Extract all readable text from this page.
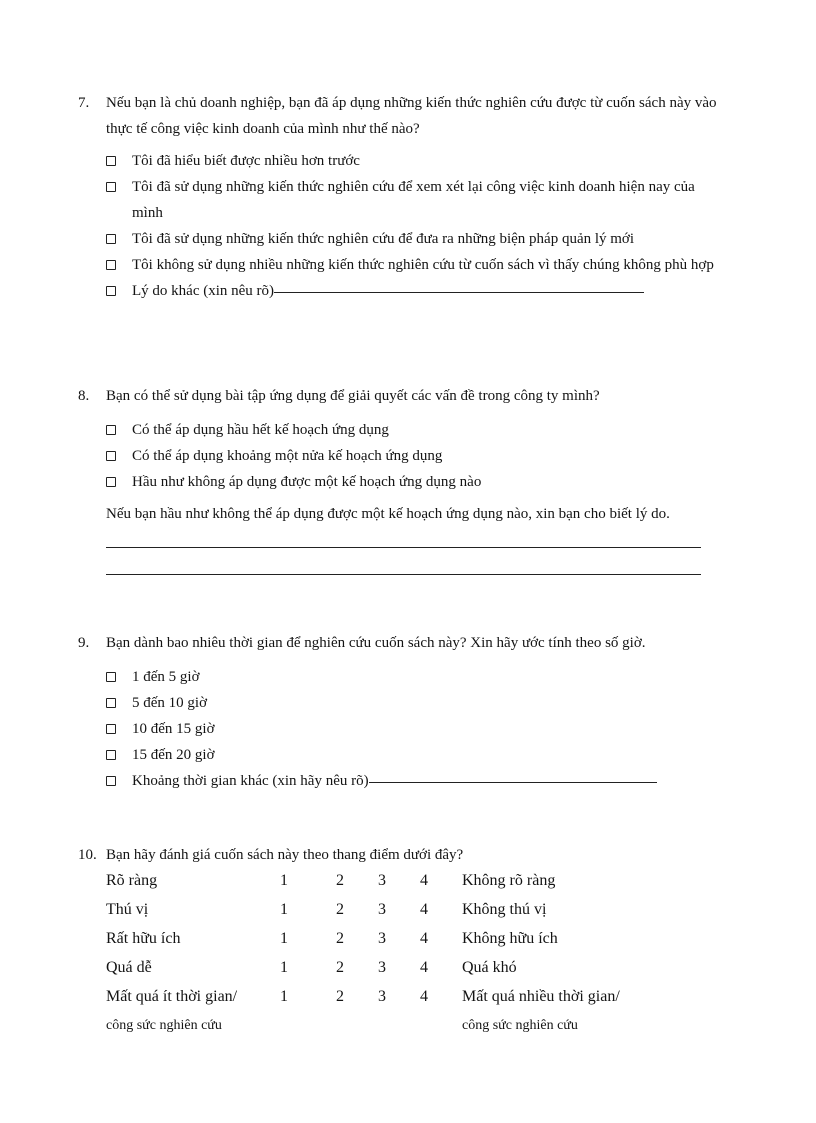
7.	Nếu bạn là chủ doanh nghiệp, bạn đã áp dụng những kiến thức nghiên cứu được từ cuốn sách này vào thực tế công việc kinh doanh của mình như thế nào?
Tôi đã hiểu biết được nhiều hơn trước
Tôi đã sử dụng những kiến thức nghiên cứu để xem xét lại công việc kinh doanh hiện nay của mình
Tôi đã sử dụng những kiến thức nghiên cứu để đưa ra những biện pháp quản lý mới
Tôi không sử dụng nhiều những kiến thức nghiên cứu từ cuốn sách vì thấy chúng không phù hợp
Lý do khác (xin nêu rõ)
8.	Bạn có thể sử dụng bài tập ứng dụng để giải quyết các vấn đề trong công ty mình?
Có thể áp dụng hầu hết kế hoạch ứng dụng
Có thể áp dụng khoảng một nửa kế hoạch ứng dụng
Hầu như không áp dụng được một kế hoạch ứng dụng nào
Nếu bạn hầu như không thể áp dụng được một kế hoạch ứng dụng nào, xin bạn cho biết lý do.
9.	Bạn dành bao nhiêu thời gian để nghiên cứu cuốn sách này? Xin hãy ước tính theo số giờ.
1 đến 5 giờ
5 đến 10 giờ
10 đến 15 giờ
15 đến 20 giờ
Khoảng thời gian khác (xin hãy nêu rõ)
10. Bạn hãy đánh giá cuốn sách này theo thang điểm dưới đây?
Rõ ràng	1	2 3 4 Không rõ ràng
Thú vị	1	2 3 4 Không thú vị
Rất hữu ích	1	2 3 4 Không hữu ích
Quá dễ	1	2 3 4 Quá khó
Mất quá ít thời gian/	1	2 3 4 Mất quá nhiều thời gian/
công sức nghiên cứu	công sức nghiên cứu
